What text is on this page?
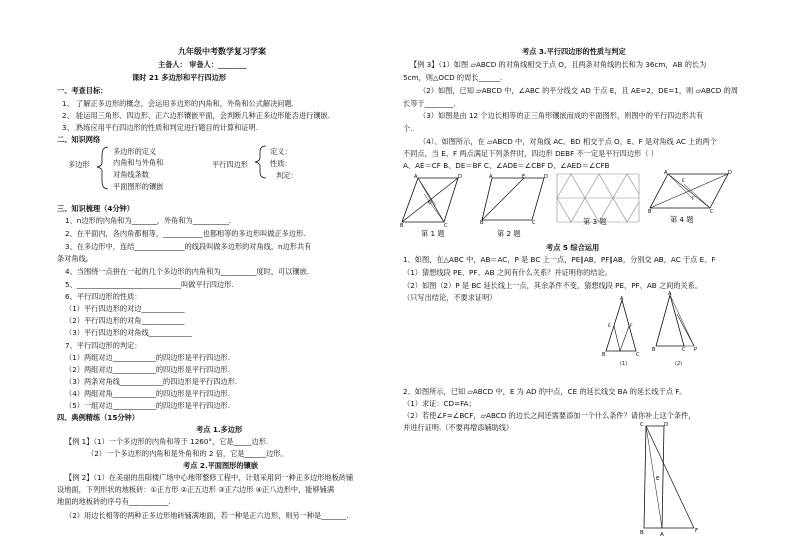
九年级中考数学复习学案
主备人： 审备人：________
课时 21 多边形和平行四边形
一、考查目标：
1、 了解正多边形的概念，会运用多边形的内角和，外角和公式解决问题.
2、 能运用三角形、四边形、正六边形镶嵌平面，会判断几种正多边形能否进行镶嵌.
3、 熟练应用平行四边形的性质和判定进行题目的计算和证明.
二、知识网络
多边形
多边形的定义
内角和与外角和
对角线条数
平面图形的镶嵌
平行四边形
定义：
性质：
判定：
三、知识梳理（4分钟）
1、n边形的内角和为_______，外角和为__________.
2、在平面内，各内角都相等，___________也都相等的多边形叫做正多边形.
3、在多边形中，连结______________的线段叫做多边形的对角线，n边形共有
条对角线。
4、当围绕一点拼在一起的几个多边形的内角和为__________度时，可以镶嵌.
5、_____________________________叫做平行四边形.
6、平行四边形的性质：
（1）平行四边形的对边____________
（2）平行四边形的对角____________
（3）平行四边形的对角线____________
7、平行四边形的判定：
（1）两组对边____________的四边形是平行四边形.
（2）两组对边____________的四边形是平行四边形.
（3）两条对角线____________的四边形是平行四边形.
（4）两组对角____________的四边形是平行四边形.
（5）一组对边____________的四边形是平行四边形.
四、典例精练（15分钟）
考点 1.多边形
【例 1】（1）一个多边形的内角和等于 1260°，它是_____边形.
（2）一个多边形的内角和是外角和的 2 倍，它是______边形。
考点 2.平面图形的镶嵌
【例 2】（1）在美丽的岳阳楼广场中心地带整修工程中，计划采用同一种正多边形地板砖铺
设地面，下列形状的地板砖：①正方形 ②正五边形 ③正六边形 ④正八边形中，能够铺满
地面的地板砖的序号有___________.
（2）用边长相等的两种正多边形地砖铺满地面，若一种是正六边形，则另一种是_______.
考点 3.平行四边形的性质与判定
【例 3】（1）如图 ▱ABCD 的对角线相交于点 O，且两条对角线的长和为 36cm，AB 的长为
5cm，则△OCD 的周长______.
（2）如图，已知 ▱ABCD 中，∠ABC 的平分线交 AD 于点 E，且 AE=2，DE=1，则 ▱ABCD 的周
长等于________.
（3）如图是由 12 个边长相等的正三角形镶嵌而成的平面图形，则图中的平行四边形共有
个.
（4）、如图所示，在 ▱ABCD 中，对角线 AC、BD 相交于点 O，E、F 是对角线 AC 上的两个
不同点，当 E、F 两点满足下列条件时，四边形 DEBF 不一定是平行四边形（ ）
A、AE＝CF B、DE＝BF C、∠ADE＝∠CBF D、∠AED＝∠CFB
A	D
B	C
O
第 1 题
A	E	D
B	C
第 2 题
第 3 题
A	D
B	C
E
F
第 4 题
考点 5 综合运用
1、如图，在△ABC 中，AB＝AC，P 是 BC 上一点，PE∥AB，PF∥AB，分别交 AB，AC 于点 E、F
（1）猜想线段 PE、PF、AB 之间有什么关系？并证明你的结论。
（2）如图（2）P 是 BC 延长线上一点，其余条件不变，猜想线段 PE、PF、AB 之间的关系。
（只写出结论，不要求证明）	A
B	C
E	F
(1)
A
B	C P
(2)
2、如图所示，已知 ▱ABCD 中，E 为 AD 的中点，CE 的延长线交 BA 的延长线于点 F。
（1）求证：CD=FA；
（2）若使∠F=∠BCF，▱ABCD 的边长之间还需要添加一个什么条件？请你补上这个条件，
并进行证明.（不要再增添辅助线）	C	D
E
B	A
F
